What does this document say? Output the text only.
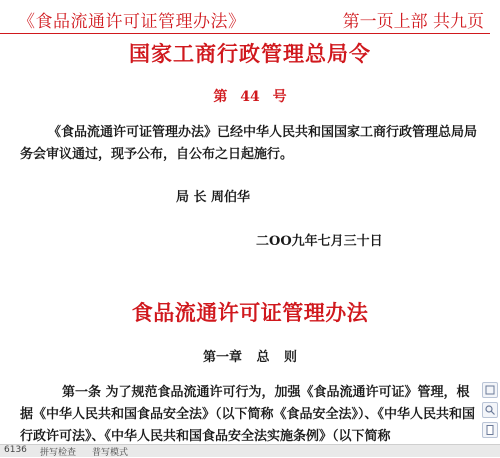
《食品流通许可证管理办法》	第一页上部 共九页
国家工商行政管理总局令
第 44 号
《食品流通许可证管理办法》已经中华人民共和国国家工商行政管理总局局务会审议通过，现予公布，自公布之日起施行。
局 长 周伯华
二OO九年七月三十日
食品流通许可证管理办法
第一章 总 则
第一条 为了规范食品流通许可行为，加强《食品流通许可证》管理，根据《中华人民共和国食品安全法》（以下简称《食品安全法》）、《中华人民共和国行政许可法》、《中华人民共和国食品安全法实施条例》（以下简称
6136 拼写检查 普写模式
